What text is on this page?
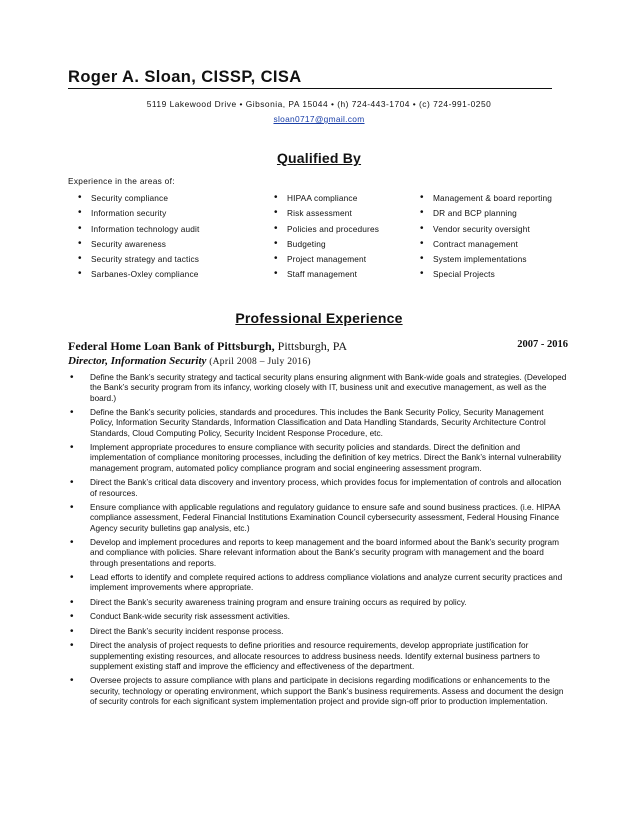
Roger A. Sloan, CISSP, CISA
5119 Lakewood Drive • Gibsonia, PA 15044 • (h) 724-443-1704 • (c) 724-991-0250
sloan0717@gmail.com
Qualified By
Experience in the areas of:
• Security compliance
• Information security
• Information technology audit
• Security awareness
• Security strategy and tactics
• Sarbanes-Oxley compliance
• HIPAA compliance
• Risk assessment
• Policies and procedures
• Budgeting
• Project management
• Staff management
• Management & board reporting
• DR and BCP planning
• Vendor security oversight
• Contract management
• System implementations
• Special Projects
Professional Experience
Federal Home Loan Bank of Pittsburgh, Pittsburgh, PA	2007 - 2016
Director, Information Security (April 2008 – July 2016)
• Define the Bank’s security strategy and tactical security plans ensuring alignment with Bank-wide goals and strategies. (Developed the Bank’s security program from its infancy, working closely with IT, business unit and executive management, as well as the board.)
• Define the Bank’s security policies, standards and procedures. This includes the Bank Security Policy, Security Management Policy, Information Security Standards, Information Classification and Data Handling Standards, Security Architecture Control Standards, Cloud Computing Policy, Security Incident Response Procedure, etc.
• Implement appropriate procedures to ensure compliance with security policies and standards. Direct the definition and implementation of compliance monitoring processes, including the definition of key metrics. Direct the Bank’s internal vulnerability management program, automated policy compliance program and social engineering assessment program.
• Direct the Bank’s critical data discovery and inventory process, which provides focus for implementation of controls and allocation of resources.
• Ensure compliance with applicable regulations and regulatory guidance to ensure safe and sound business practices. (i.e. HIPAA compliance assessment, Federal Financial Institutions Examination Council cybersecurity assessment, Federal Housing Finance Agency security bulletins gap analysis, etc.)
• Develop and implement procedures and reports to keep management and the board informed about the Bank’s security program and compliance with policies. Share relevant information about the Bank’s security program with management and the board through presentations and reports.
• Lead efforts to identify and complete required actions to address compliance violations and analyze current security practices and implement improvements where appropriate.
• Direct the Bank’s security awareness training program and ensure training occurs as required by policy.
• Conduct Bank-wide security risk assessment activities.
• Direct the Bank’s security incident response process.
• Direct the analysis of project requests to define priorities and resource requirements, develop appropriate justification for supplementing existing resources, and allocate resources to address business needs. Identify external business partners to supplement existing staff and improve the efficiency and effectiveness of the department.
• Oversee projects to assure compliance with plans and participate in decisions regarding modifications or enhancements to the security, technology or operating environment, which support the Bank’s business requirements. Assess and document the design of security controls for each significant system implementation project and provide sign-off prior to production implementation.
